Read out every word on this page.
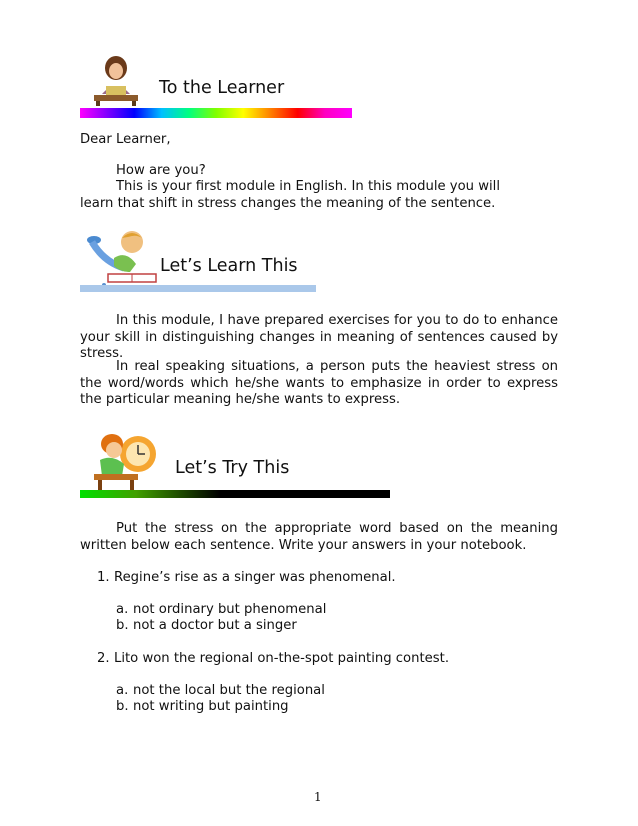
To the Learner
Dear Learner,
How are you?
This is your first module in English. In this module you will
learn that shift in stress changes the meaning of the sentence.
Let’s Learn This
In this module, I have prepared exercises for you to do to enhance your skill in distinguishing changes in meaning of sentences caused by stress.
In real speaking situations, a person puts the heaviest stress on the word/words which he/she wants to emphasize in order to express the particular meaning he/she wants to express.
Let’s Try This
Put the stress on the appropriate word based on the meaning written below each sentence. Write your answers in your notebook.
1. Regine’s rise as a singer was phenomenal.
a. not ordinary but phenomenal
b. not a doctor but a singer
2. Lito won the regional on-the-spot painting contest.
a. not the local but the regional
b. not writing but painting
1
